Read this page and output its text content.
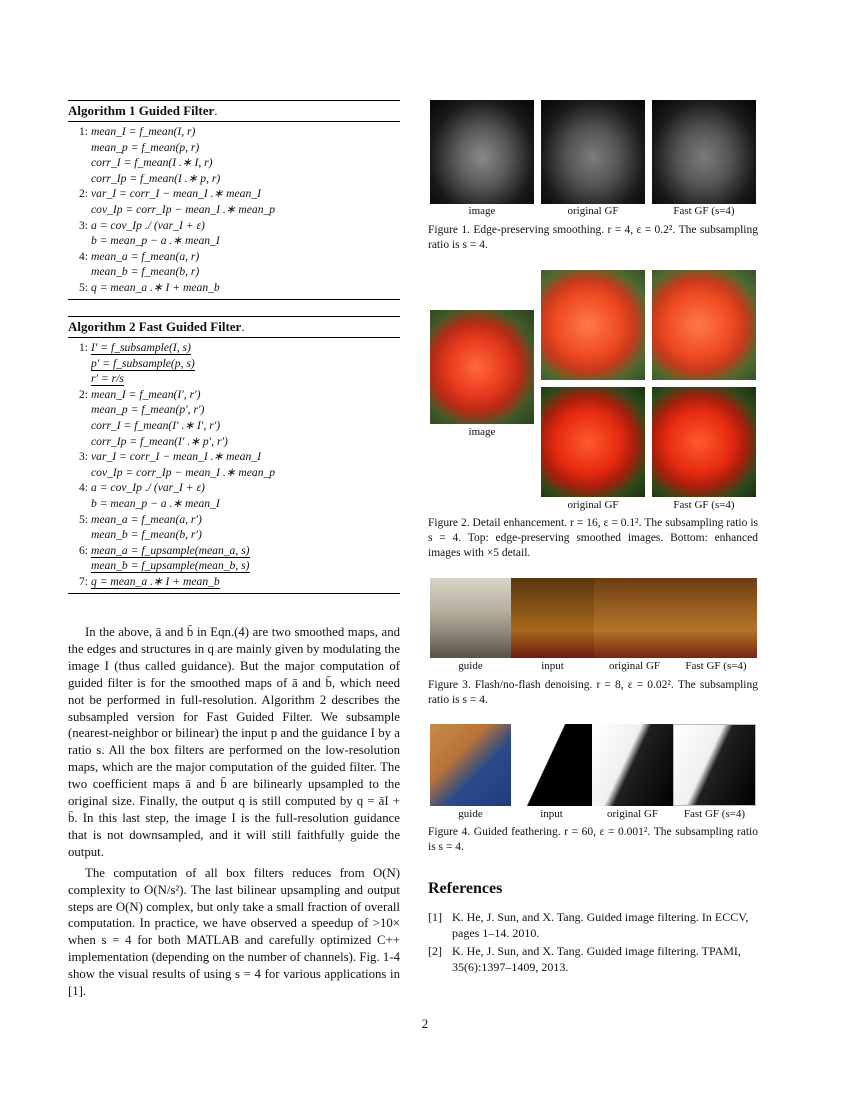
Algorithm 1 Guided Filter.
1: mean_I = f_mean(I, r)
mean_p = f_mean(p, r)
corr_I = f_mean(I .∗ I, r)
corr_Ip = f_mean(I .∗ p, r)
2: var_I = corr_I − mean_I .∗ mean_I
cov_Ip = corr_Ip − mean_I .∗ mean_p
3: a = cov_Ip ./ (var_I + ε)
b = mean_p − a .∗ mean_I
4: mean_a = f_mean(a, r)
mean_b = f_mean(b, r)
5: q = mean_a .∗ I + mean_b
Algorithm 2 Fast Guided Filter.
1: I′ = f_subsample(I, s)
p′ = f_subsample(p, s)
r′ = r/s
2: mean_I = f_mean(I′, r′)
mean_p = f_mean(p′, r′)
corr_I = f_mean(I′ .∗ I′, r′)
corr_Ip = f_mean(I′ .∗ p′, r′)
3: var_I = corr_I − mean_I .∗ mean_I
cov_Ip = corr_Ip − mean_I .∗ mean_p
4: a = cov_Ip ./ (var_I + ε)
b = mean_p − a .∗ mean_I
5: mean_a = f_mean(a, r′)
mean_b = f_mean(b, r′)
6: mean_a = f_upsample(mean_a, s)
mean_b = f_upsample(mean_b, s)
7: q = mean_a .∗ I + mean_b

In the above, ā and b̄ in Eqn.(4) are two smoothed maps, and the edges and structures in q are mainly given by modulating the image I (thus called guidance). But the major computation of guided filter is for the smoothed maps of ā and b̄, which need not be performed in full-resolution. Algorithm 2 describes the subsampled version for Fast Guided Filter. We subsample (nearest-neighbor or bilinear) the input p and the guidance I by a ratio s. All the box filters are performed on the low-resolution maps, which are the major computation of the guided filter. The two coefficient maps ā and b̄ are bilinearly upsampled to the original size. Finally, the output q is still computed by q = āI + b̄. In this last step, the image I is the full-resolution guidance that is not downsampled, and it will still faithfully guide the output.

The computation of all box filters reduces from O(N) complexity to O(N/s²). The last bilinear upsampling and output steps are O(N) complex, but only take a small fraction of overall computation. In practice, we have observed a speedup of >10× when s = 4 for both MATLAB and carefully optimized C++ implementation (depending on the number of channels). Fig. 1-4 show the visual results of using s = 4 for various applications in [1].

image	original GF	Fast GF (s=4)
Figure 1. Edge-preserving smoothing. r = 4, ε = 0.2². The subsampling ratio is s = 4.
image
original GF	Fast GF (s=4)
Figure 2. Detail enhancement. r = 16, ε = 0.1². The subsampling ratio is s = 4. Top: edge-preserving smoothed images. Bottom: enhanced images with ×5 detail.
guide	input	original GF	Fast GF (s=4)
Figure 3. Flash/no-flash denoising. r = 8, ε = 0.02². The subsampling ratio is s = 4.
guide	input	original GF	Fast GF (s=4)
Figure 4. Guided feathering. r = 60, ε = 0.001². The subsampling ratio is s = 4.
References
[1] K. He, J. Sun, and X. Tang. Guided image filtering. In ECCV, pages 1–14. 2010.
[2] K. He, J. Sun, and X. Tang. Guided image filtering. TPAMI, 35(6):1397–1409, 2013.
2
